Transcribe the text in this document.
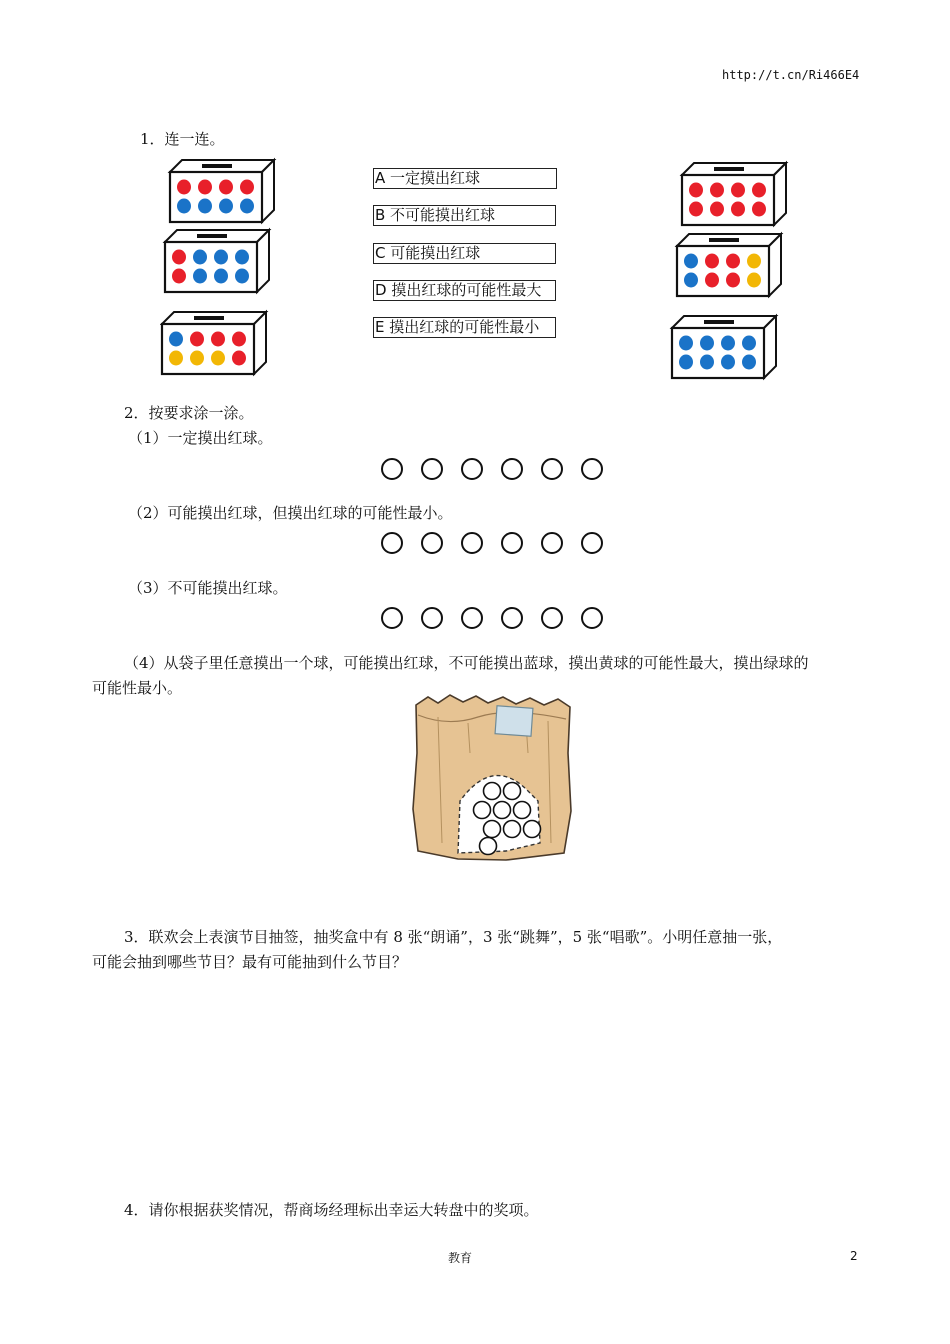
http://t.cn/Ri466E4
1．连一连。
A 一定摸出红球
B 不可能摸出红球
C 可能摸出红球
D 摸出红球的可能性最大
E 摸出红球的可能性最小
2．按要求涂一涂。
（1）一定摸出红球。
（2）可能摸出红球，但摸出红球的可能性最小。
（3）不可能摸出红球。
（4）从袋子里任意摸出一个球，可能摸出红球，不可能摸出蓝球，摸出黄球的可能性最大，摸出绿球的
可能性最小。
3．联欢会上表演节目抽签，抽奖盒中有 8 张“朗诵”，3 张“跳舞”，5 张“唱歌”。小明任意抽一张，
可能会抽到哪些节目？最有可能抽到什么节目？
4．请你根据获奖情况，帮商场经理标出幸运大转盘中的奖项。
教育	2
